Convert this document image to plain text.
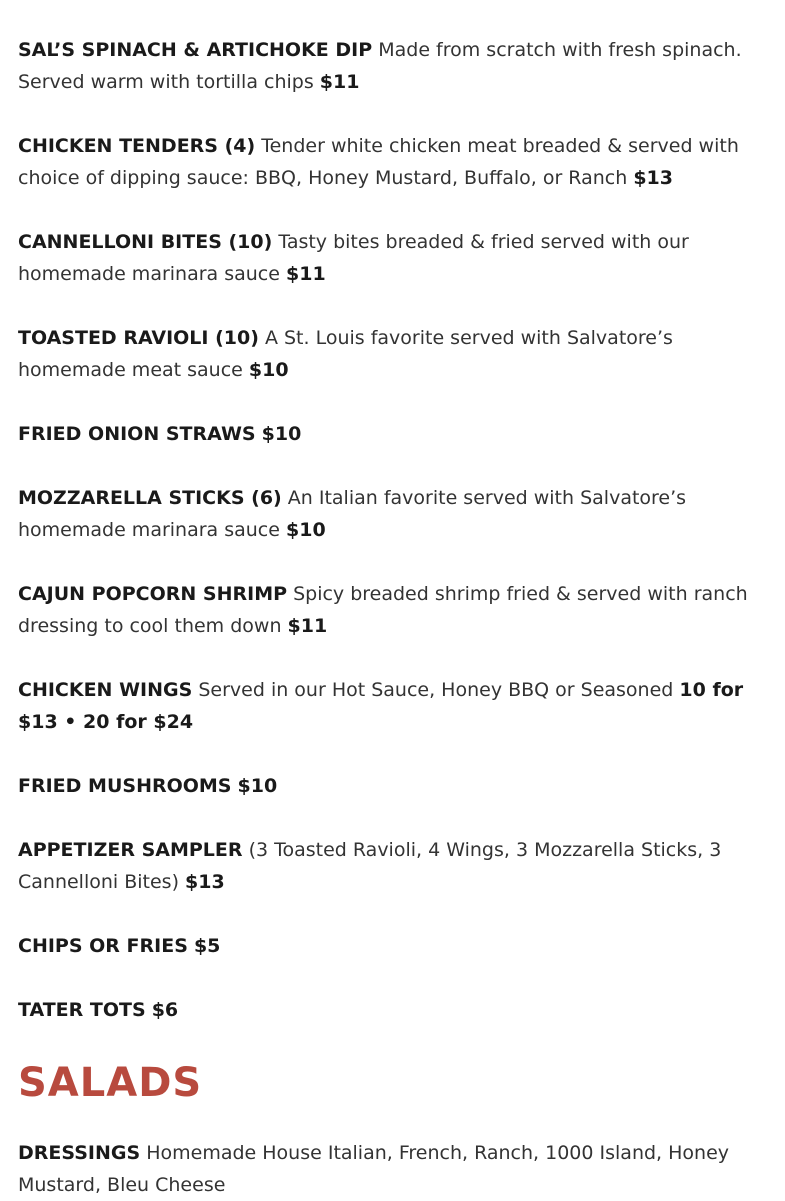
SAL’S SPINACH & ARTICHOKE DIP Made from scratch with fresh spinach. Served warm with tortilla chips $11

CHICKEN TENDERS (4) Tender white chicken meat breaded & served with choice of dipping sauce: BBQ, Honey Mustard, Buffalo, or Ranch $13

CANNELLONI BITES (10) Tasty bites breaded & fried served with our homemade marinara sauce $11

TOASTED RAVIOLI (10) A St. Louis favorite served with Salvatore’s homemade meat sauce $10

FRIED ONION STRAWS $10

MOZZARELLA STICKS (6) An Italian favorite served with Salvatore’s homemade marinara sauce $10

CAJUN POPCORN SHRIMP Spicy breaded shrimp fried & served with ranch dressing to cool them down $11

CHICKEN WINGS Served in our Hot Sauce, Honey BBQ or Seasoned 10 for $13 • 20 for $24

FRIED MUSHROOMS $10

APPETIZER SAMPLER (3 Toasted Ravioli, 4 Wings, 3 Mozzarella Sticks, 3 Cannelloni Bites) $13

CHIPS OR FRIES $5

TATER TOTS $6

SALADS

DRESSINGS Homemade House Italian, French, Ranch, 1000 Island, Honey Mustard, Bleu Cheese
